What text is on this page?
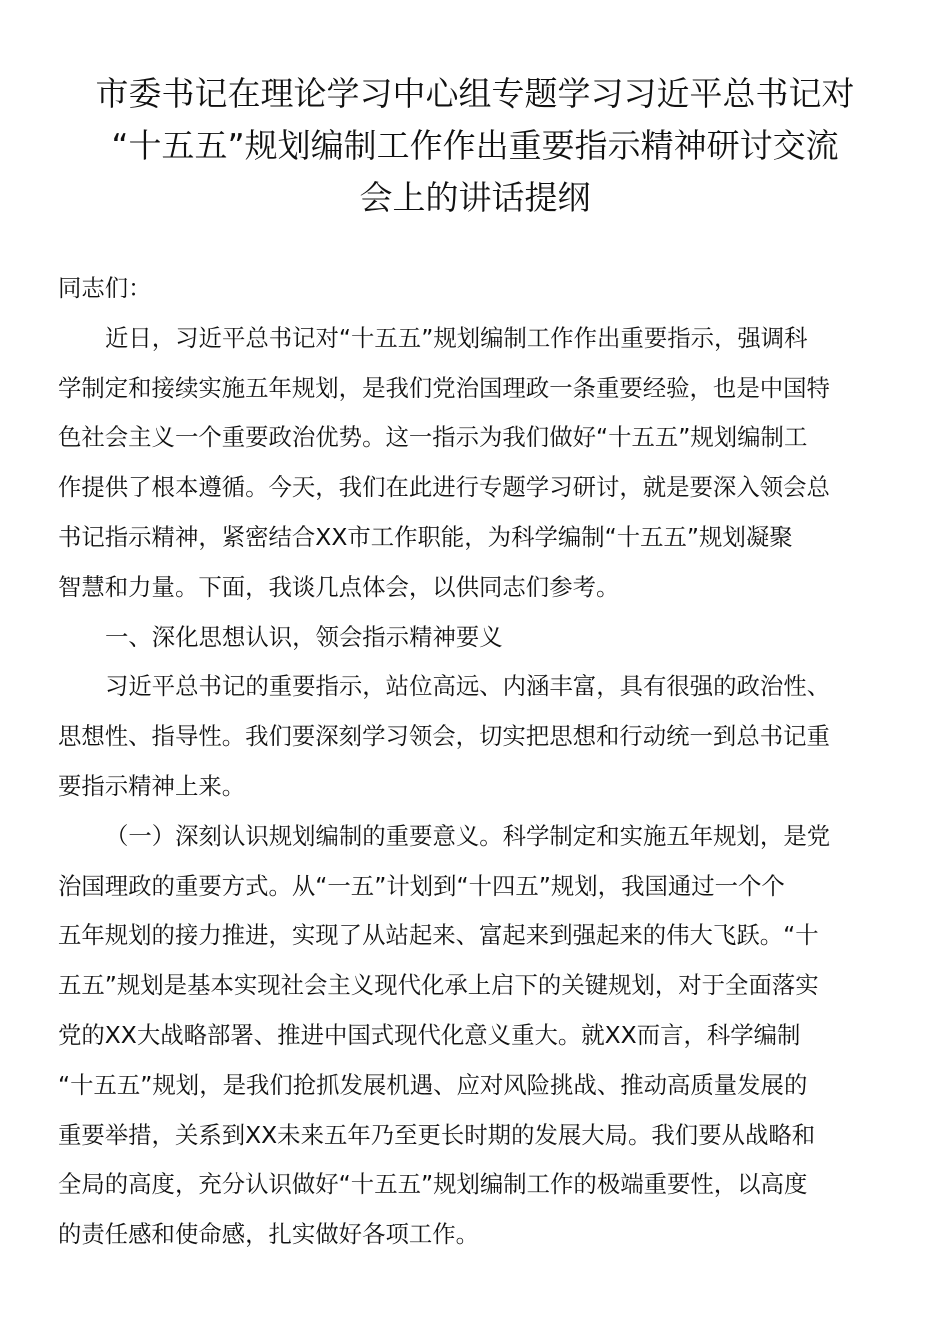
市委书记在理论学习中心组专题学习习近平总书记对
“十五五”规划编制工作作出重要指示精神研讨交流
会上的讲话提纲

同志们：

近日，习近平总书记对“十五五”规划编制工作作出重要指示，强调科
学制定和接续实施五年规划，是我们党治国理政一条重要经验，也是中国特
色社会主义一个重要政治优势。这一指示为我们做好“十五五”规划编制工
作提供了根本遵循。今天，我们在此进行专题学习研讨，就是要深入领会总
书记指示精神，紧密结合XX市工作职能，为科学编制“十五五”规划凝聚
智慧和力量。下面，我谈几点体会，以供同志们参考。

一、深化思想认识，领会指示精神要义

习近平总书记的重要指示，站位高远、内涵丰富，具有很强的政治性、
思想性、指导性。我们要深刻学习领会，切实把思想和行动统一到总书记重
要指示精神上来。

（一）深刻认识规划编制的重要意义。科学制定和实施五年规划，是党
治国理政的重要方式。从“一五”计划到“十四五”规划，我国通过一个个
五年规划的接力推进，实现了从站起来、富起来到强起来的伟大飞跃。“十
五五”规划是基本实现社会主义现代化承上启下的关键规划，对于全面落实
党的XX大战略部署、推进中国式现代化意义重大。就XX而言，科学编制
“十五五”规划，是我们抢抓发展机遇、应对风险挑战、推动高质量发展的
重要举措，关系到XX未来五年乃至更长时期的发展大局。我们要从战略和
全局的高度，充分认识做好“十五五”规划编制工作的极端重要性，以高度
的责任感和使命感，扎实做好各项工作。
